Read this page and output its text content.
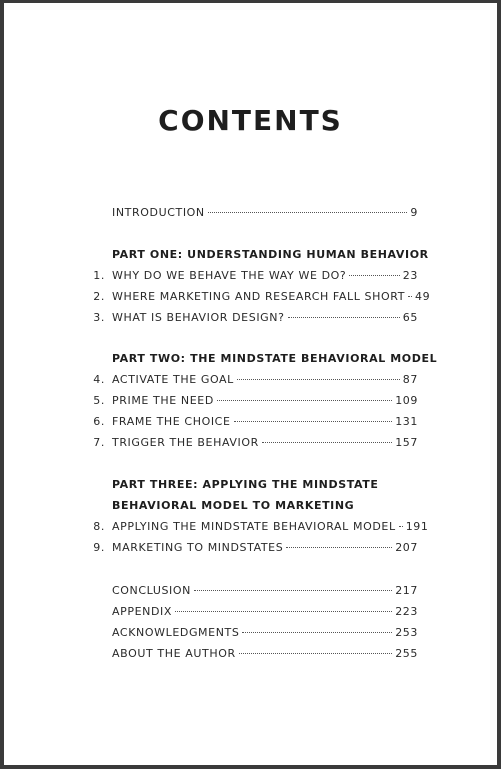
CONTENTS
INTRODUCTION	9
PART ONE: UNDERSTANDING HUMAN BEHAVIOR
1. WHY DO WE BEHAVE THE WAY WE DO?	23
2. WHERE MARKETING AND RESEARCH FALL SHORT 49
3. WHAT IS BEHAVIOR DESIGN?	65
PART TWO: THE MINDSTATE BEHAVIORAL MODEL
4. ACTIVATE THE GOAL	87
5. PRIME THE NEED	109
6. FRAME THE CHOICE	131
7. TRIGGER THE BEHAVIOR	157
PART THREE: APPLYING THE MINDSTATE
BEHAVIORAL MODEL TO MARKETING
8. APPLYING THE MINDSTATE BEHAVIORAL MODEL 191
9. MARKETING TO MINDSTATES	207
CONCLUSION	217
APPENDIX	223
ACKNOWLEDGMENTS	253
ABOUT THE AUTHOR	255
